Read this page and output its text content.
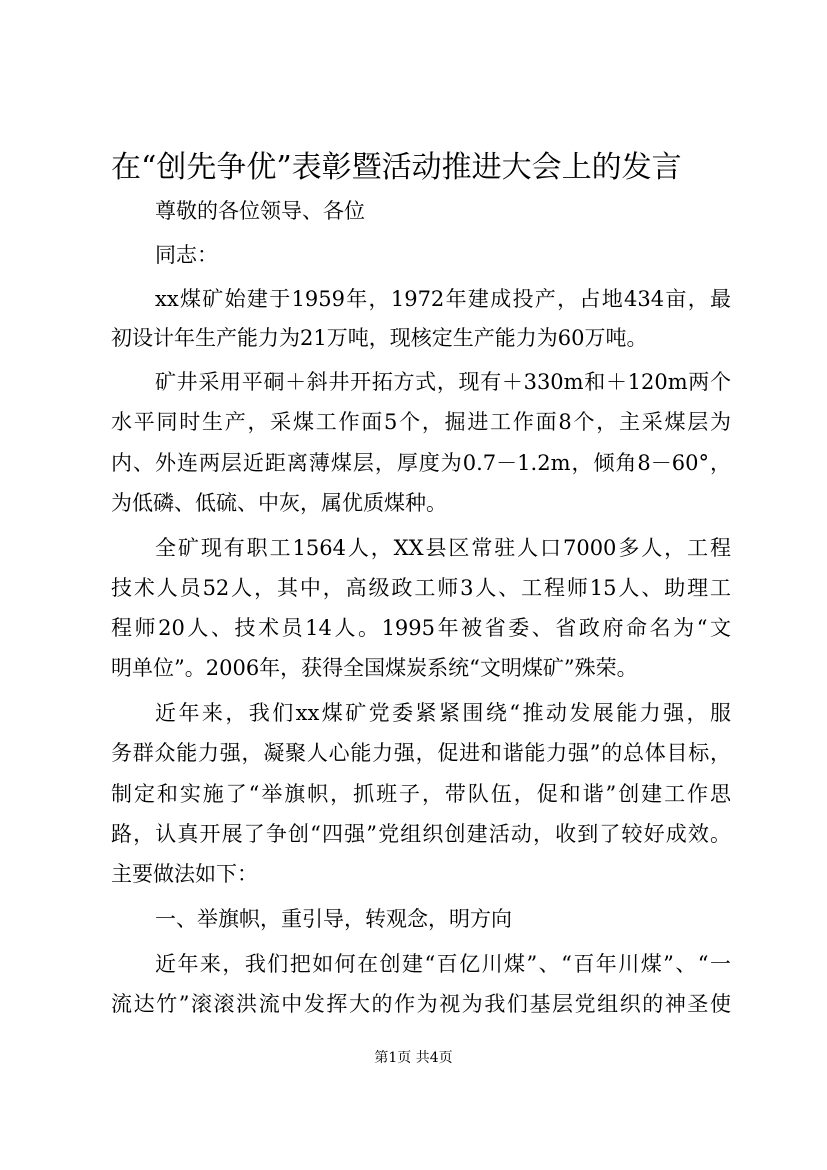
在“创先争优”表彰暨活动推进大会上的发言
尊敬的各位领导、各位
同志：
xx煤矿始建于1959年，1972年建成投产，占地434亩，最
初设计年生产能力为21万吨，现核定生产能力为60万吨。
矿井采用平硐＋斜井开拓方式，现有＋330m和＋120m两个
水平同时生产，采煤工作面5个，掘进工作面8个，主采煤层为
内、外连两层近距离薄煤层，厚度为0.7－1.2m，倾角8－60°，
为低磷、低硫、中灰，属优质煤种。
全矿现有职工1564人，XX县区常驻人口7000多人，工程
技术人员52人，其中，高级政工师3人、工程师15人、助理工
程师20人、技术员14人。1995年被省委、省政府命名为“文
明单位”。2006年，获得全国煤炭系统“文明煤矿”殊荣。
近年来，我们xx煤矿党委紧紧围绕“推动发展能力强，服
务群众能力强，凝聚人心能力强，促进和谐能力强”的总体目标，
制定和实施了“举旗帜，抓班子，带队伍，促和谐”创建工作思
路，认真开展了争创“四强”党组织创建活动，收到了较好成效。
主要做法如下：
一、举旗帜，重引导，转观念，明方向
近年来，我们把如何在创建“百亿川煤”、“百年川煤”、“一
流达竹”滚滚洪流中发挥大的作为视为我们基层党组织的神圣使
第1页 共4页
